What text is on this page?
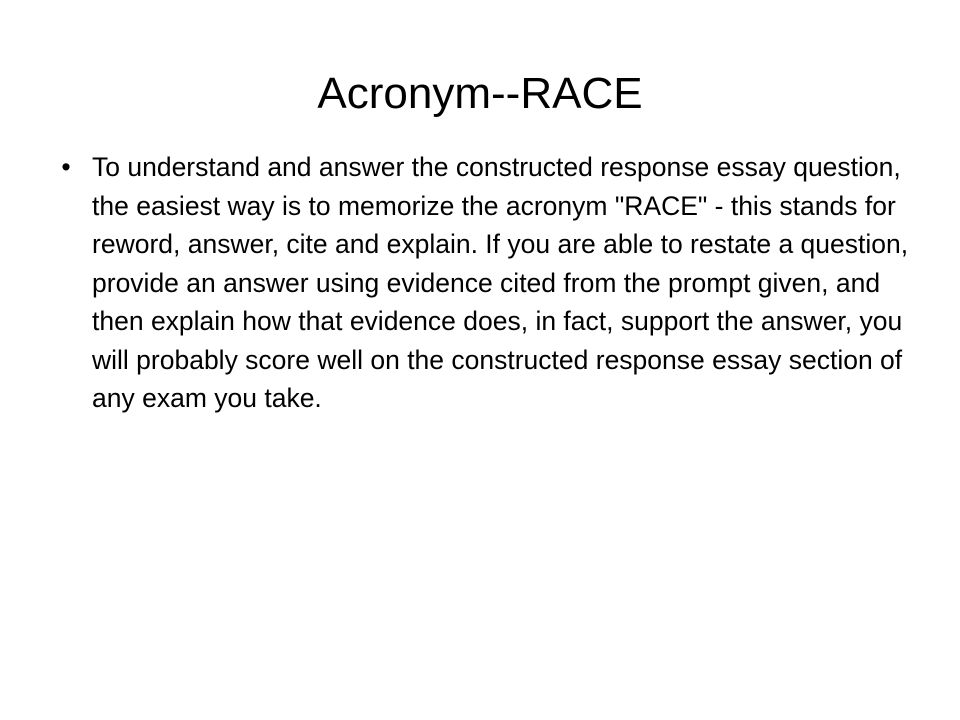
Acronym--RACE
• To understand and answer the constructed response essay question, the easiest way is to memorize the acronym "RACE" - this stands for reword, answer, cite and explain. If you are able to restate a question, provide an answer using evidence cited from the prompt given, and then explain how that evidence does, in fact, support the answer, you will probably score well on the constructed response essay section of any exam you take.
